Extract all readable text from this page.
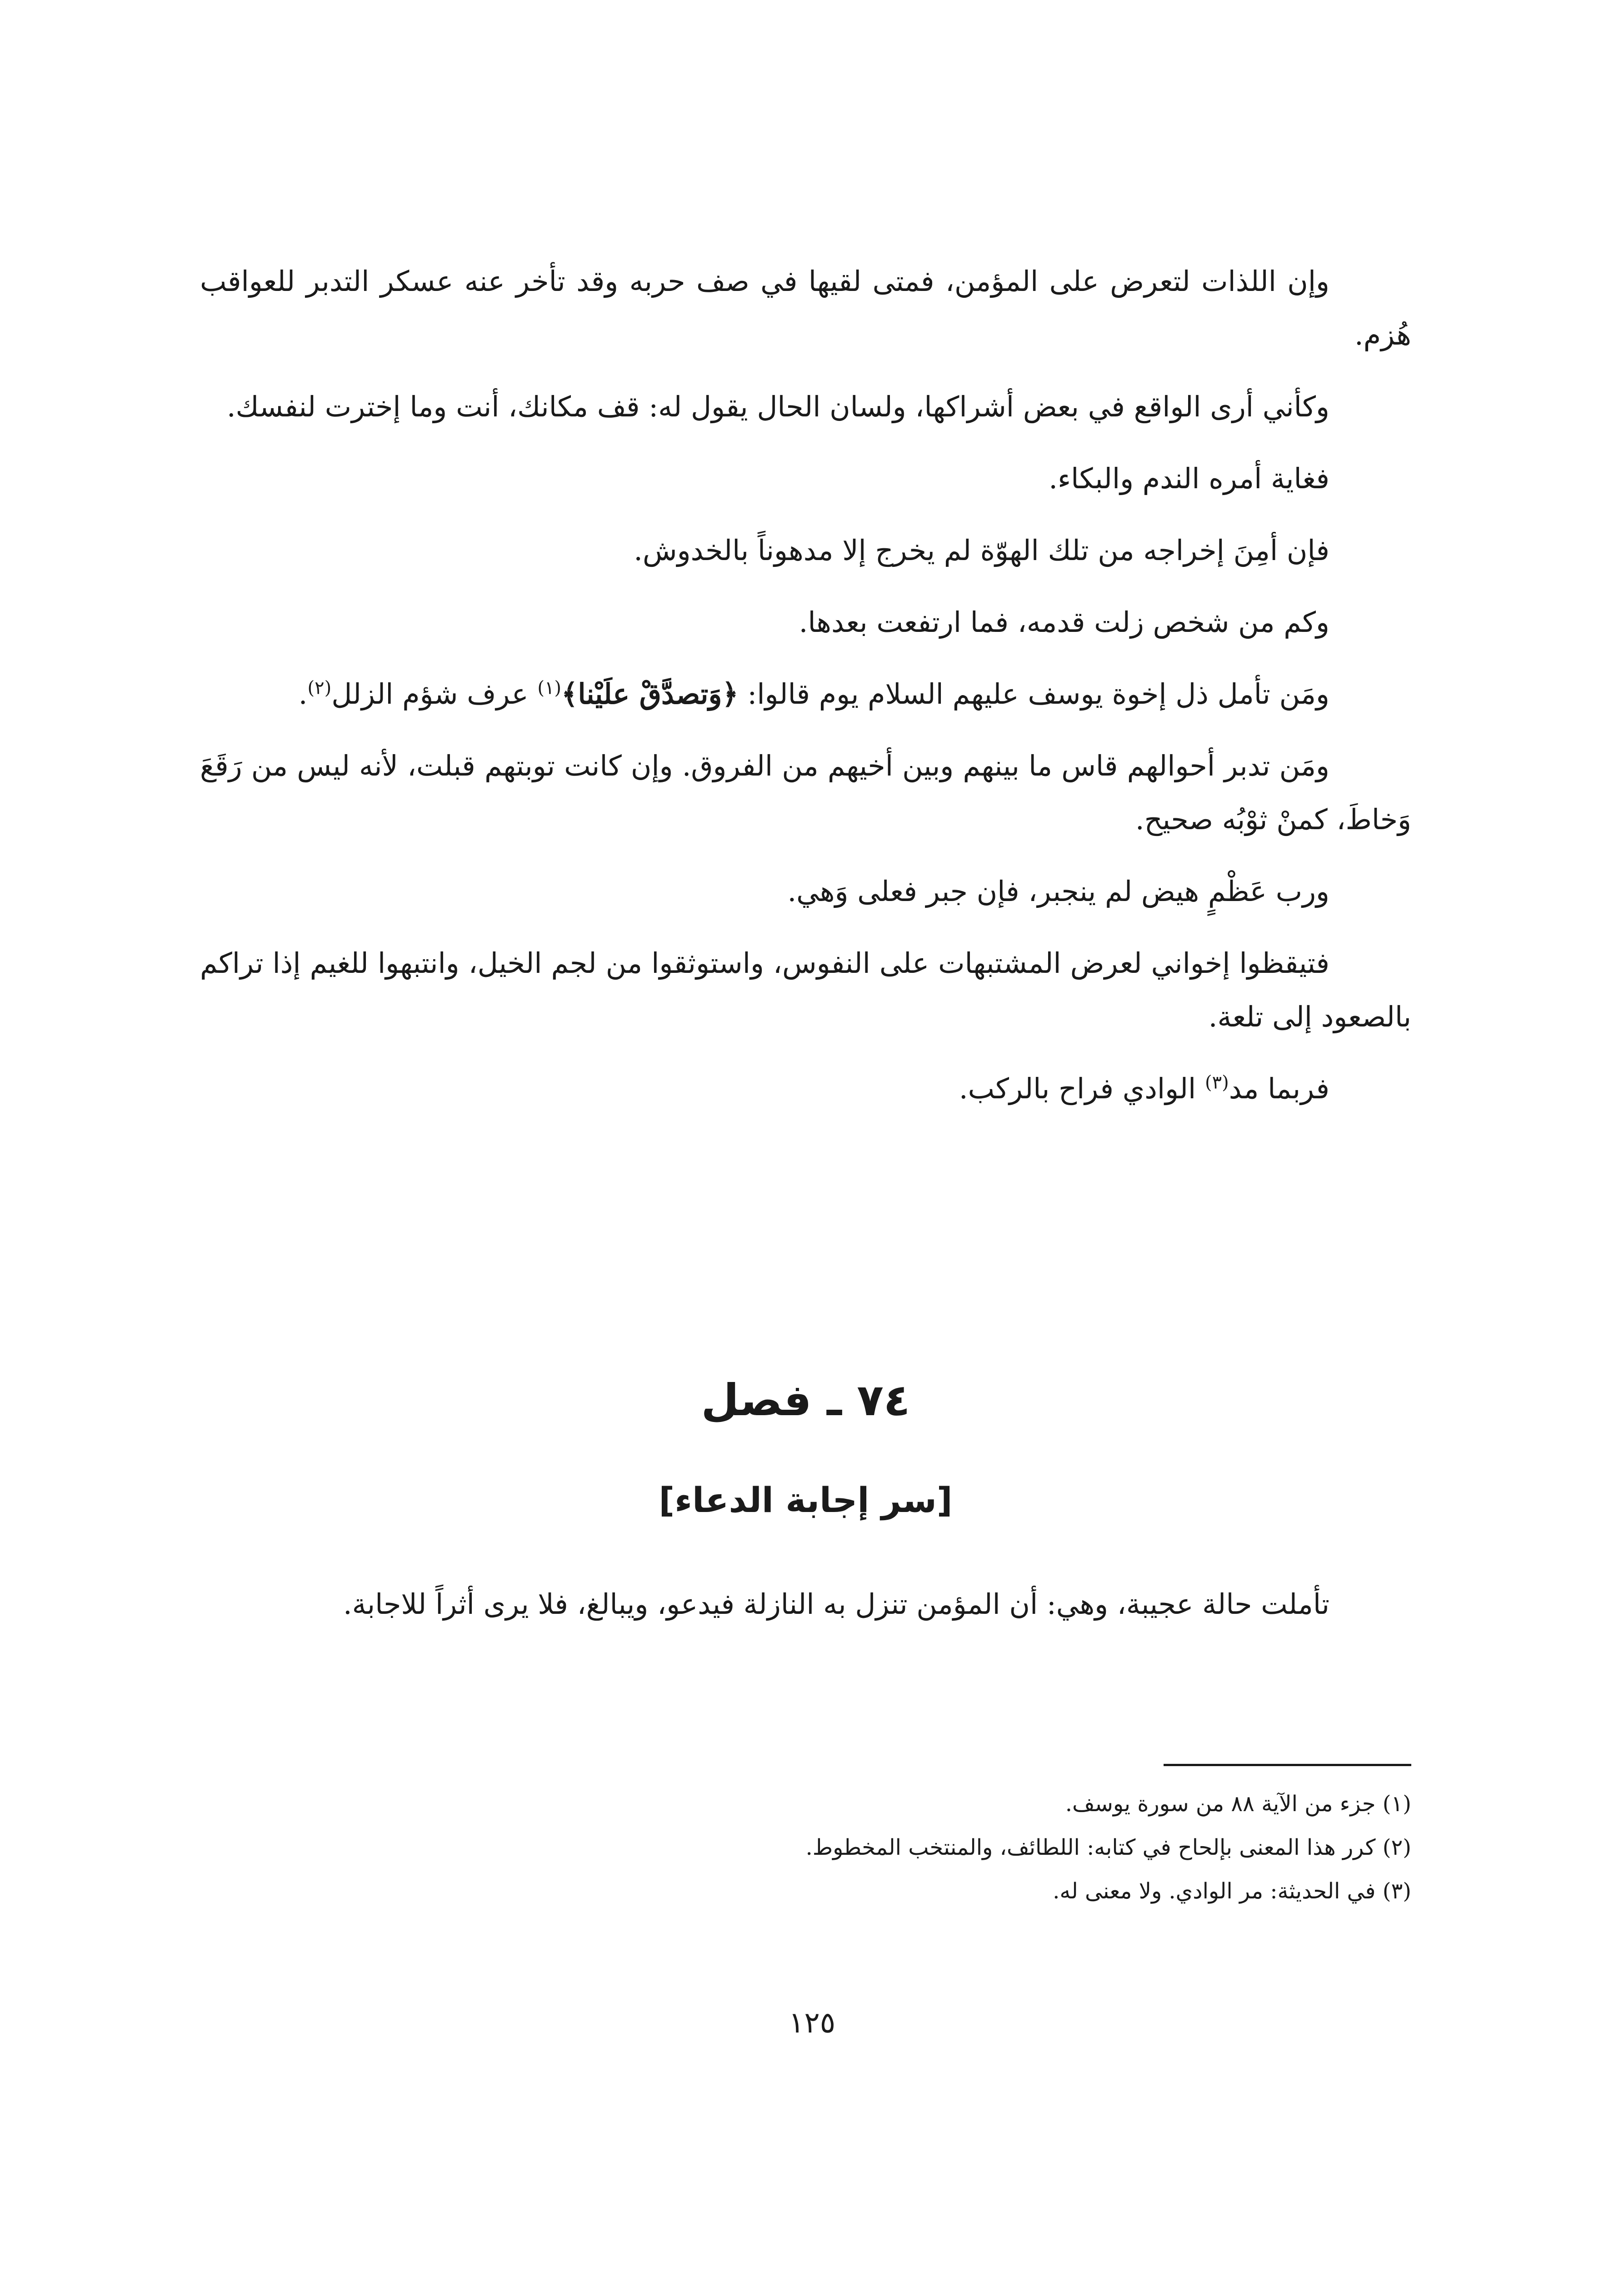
وإن اللذات لتعرض على المؤمن، فمتى لقيها في صف حربه وقد تأخر عنه عسكر التدبر للعواقب هُزم.

وكأني أرى الواقع في بعض أشراكها، ولسان الحال يقول له: قف مكانك، أنت وما إخترت لنفسك.

فغاية أمره الندم والبكاء.

فإن أمِنَ إخراجه من تلك الهوّة لم يخرج إلا مدهوناً بالخدوش.

وكم من شخص زلت قدمه، فما ارتفعت بعدها.

ومَن تأمل ذل إخوة يوسف عليهم السلام يوم قالوا: ﴿وَتصدَّقْ علَيْنا﴾$^{(١)}$ عرف شؤم الزلل$^{(٢)}$.

ومَن تدبر أحوالهم قاس ما بينهم وبين أخيهم من الفروق. وإن كانت توبتهم قبلت، لأنه ليس من رَقَعَ وَخاطَ، كمنْ ثوْبُه صحيح.

ورب عَظْمٍ هيض لم ينجبر، فإن جبر فعلى وَهي.

فتيقظوا إخواني لعرض المشتبهات على النفوس، واستوثقوا من لجم الخيل، وانتبهوا للغيم إذا تراكم بالصعود إلى تلعة.

فربما مد$^{(٣)}$ الوادي فراح بالركب.

٧٤ ـ فصل
[سر إجابة الدعاء]

تأملت حالة عجيبة، وهي: أن المؤمن تنزل به النازلة فيدعو، ويبالغ، فلا يرى أثراً للاجابة.

(١) جزء من الآية ٨٨ من سورة يوسف.

(٢) كرر هذا المعنى بإلحاح في كتابه: اللطائف، والمنتخب المخطوط.

(٣) في الحديثة: مر الوادي. ولا معنى له.

١٢٥
